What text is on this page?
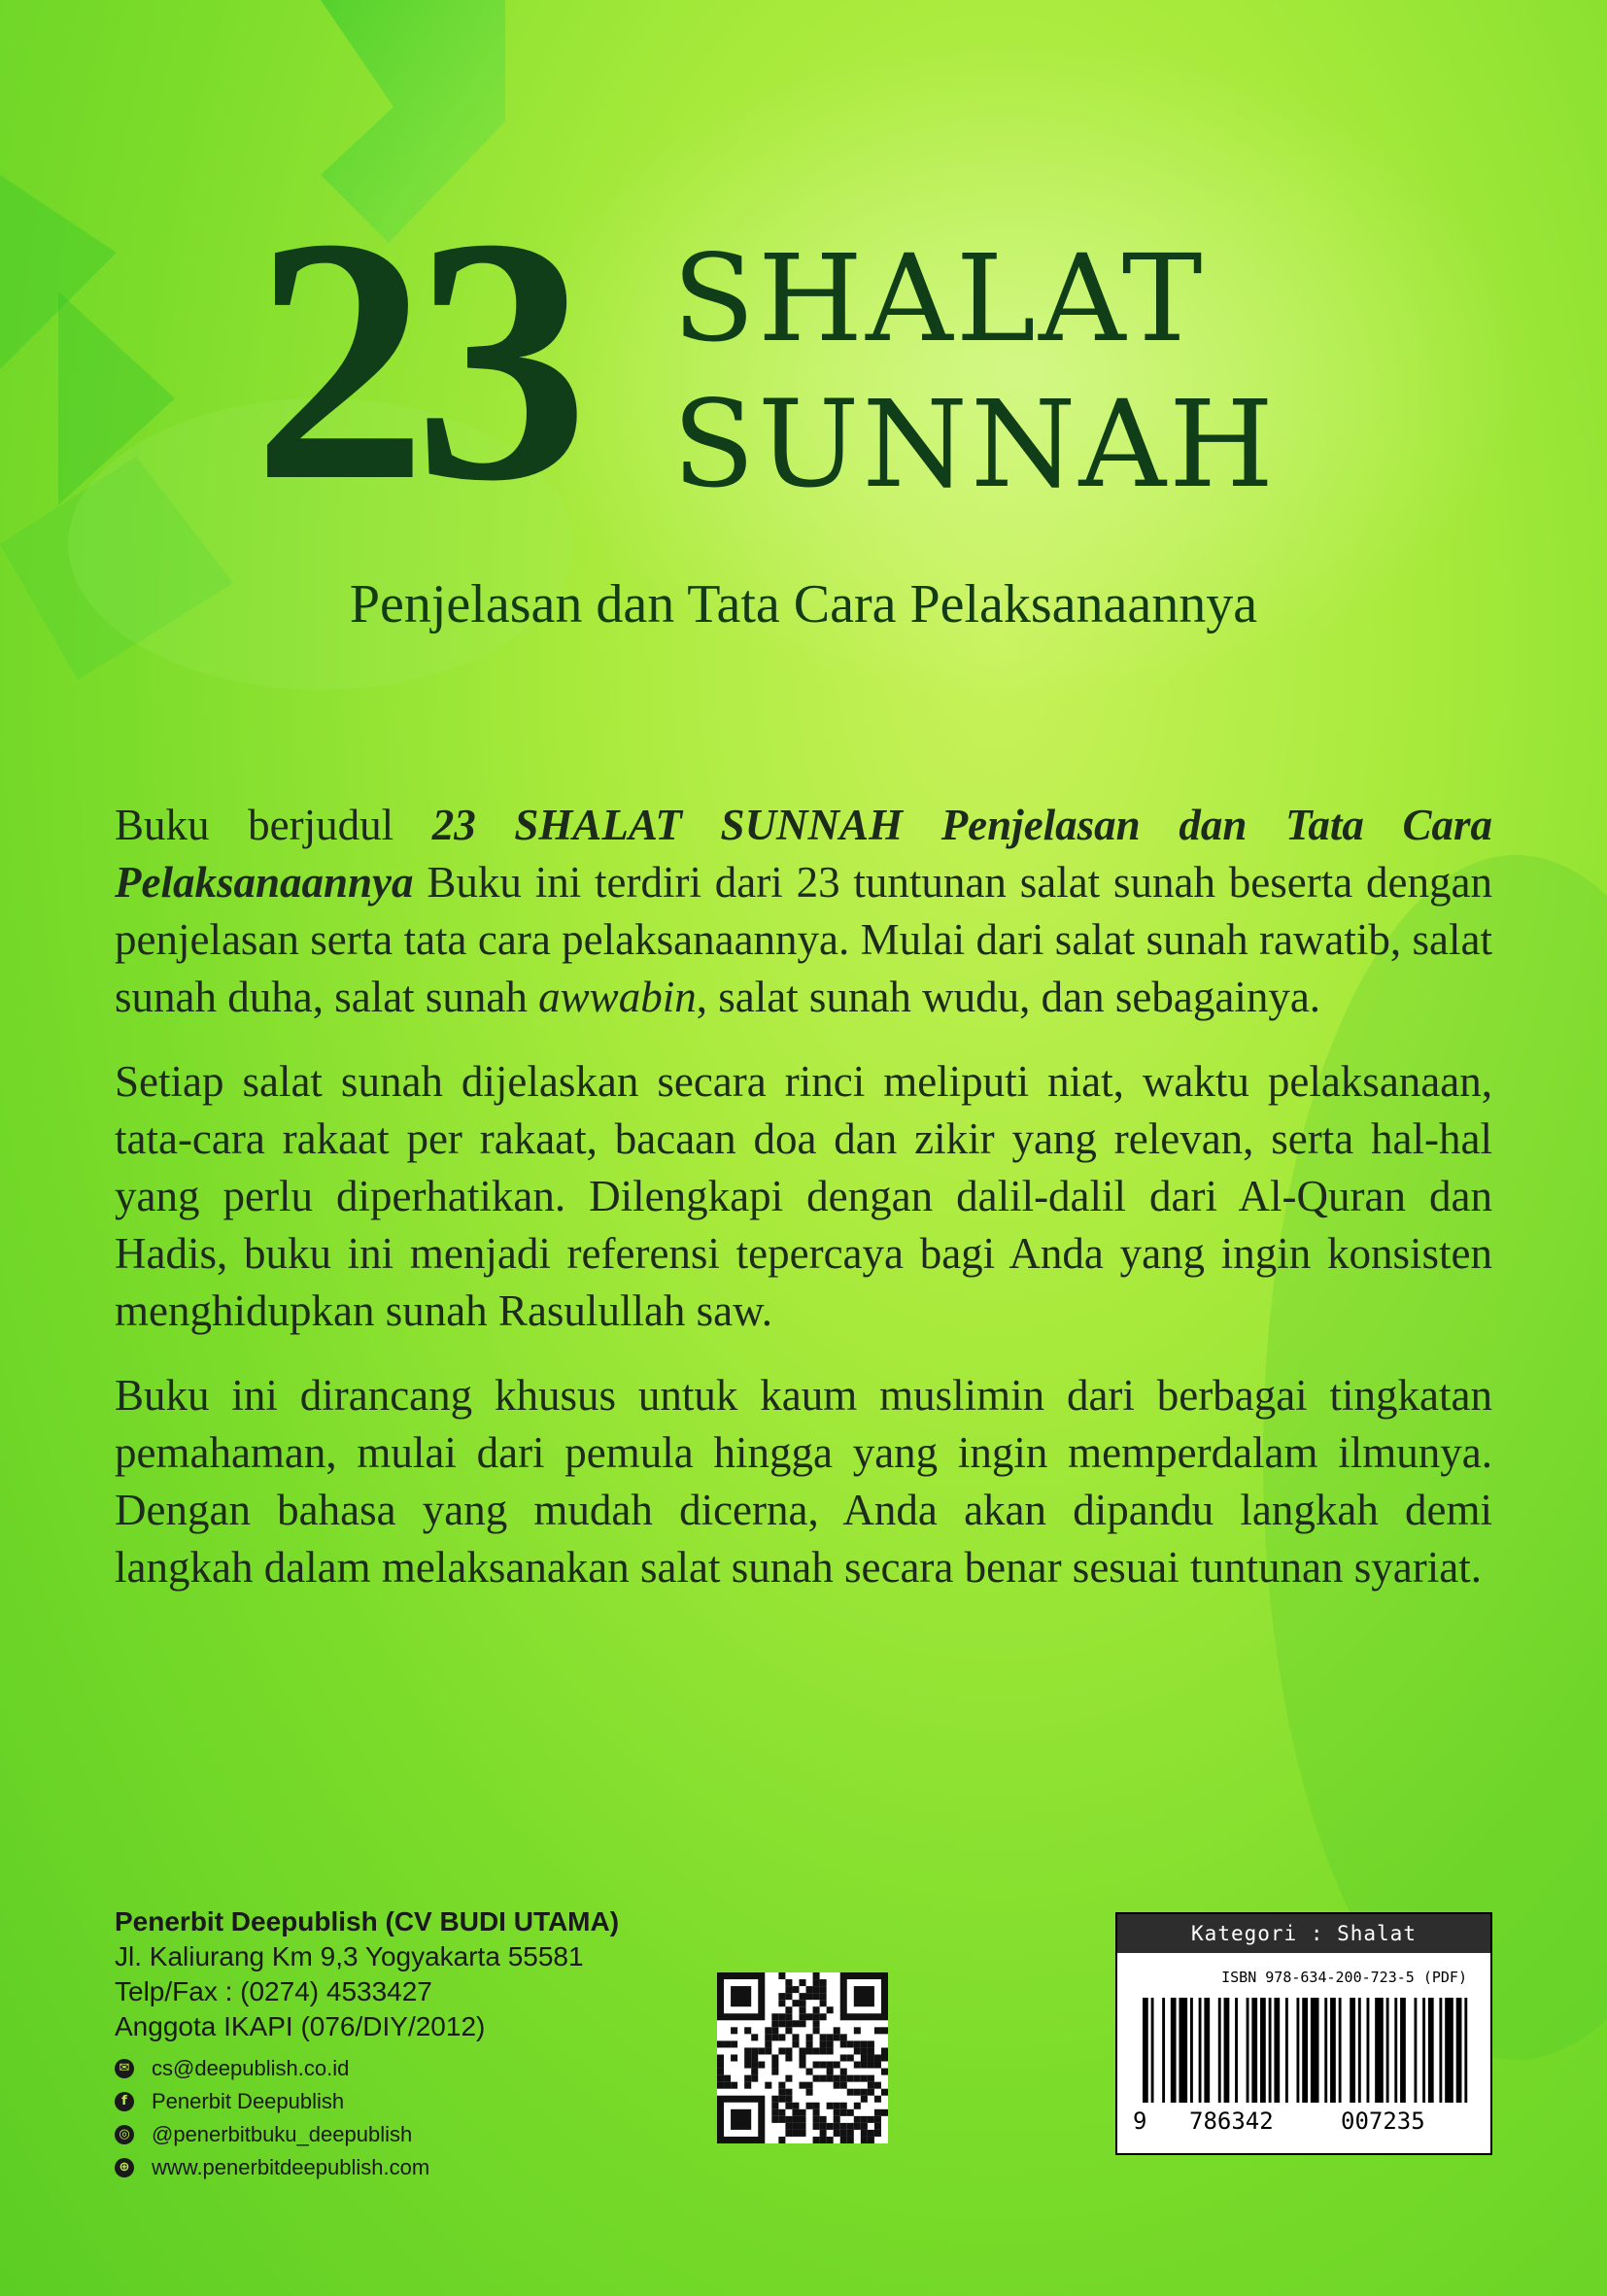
23 SHALAT
SUNNAH
Penjelasan dan Tata Cara Pelaksanaannya

Buku berjudul 23 SHALAT SUNNAH Penjelasan dan Tata Cara Pelaksanaannya Buku ini terdiri dari 23 tuntunan salat sunah beserta dengan penjelasan serta tata cara pelaksanaannya. Mulai dari salat sunah rawatib, salat sunah duha, salat sunah awwabin, salat sunah wudu, dan sebagainya.

Setiap salat sunah dijelaskan secara rinci meliputi niat, waktu pelaksanaan, tata-cara rakaat per rakaat, bacaan doa dan zikir yang relevan, serta hal-hal yang perlu diperhatikan. Dilengkapi dengan dalil-dalil dari Al-Quran dan Hadis, buku ini menjadi referensi tepercaya bagi Anda yang ingin konsisten menghidupkan sunah Rasulullah saw.

Buku ini dirancang khusus untuk kaum muslimin dari berbagai tingkatan pemahaman, mulai dari pemula hingga yang ingin memperdalam ilmunya. Dengan bahasa yang mudah dicerna, Anda akan dipandu langkah demi langkah dalam melaksanakan salat sunah secara benar sesuai tuntunan syariat.

Penerbit Deepublish (CV BUDI UTAMA)
Jl. Kaliurang Km 9,3 Yogyakarta 55581
Telp/Fax : (0274) 4533427
Anggota IKAPI (076/DIY/2012)
✉ cs@deepublish.co.id
f	Penerbit Deepublish
◎ @penerbitbuku_deepublish
⊕ www.penerbitdeepublish.com
Kategori : Shalat
ISBN 978-634-200-723-5 (PDF)
9 786342	007235
